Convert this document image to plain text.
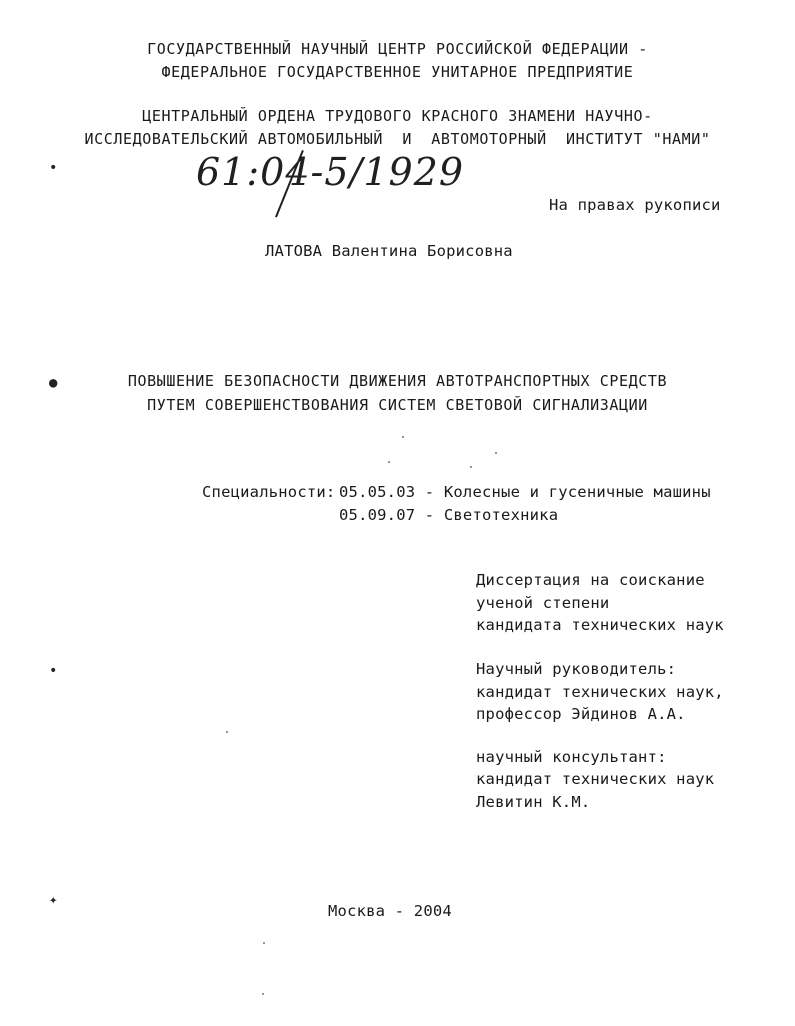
ГОСУДАРСТВЕННЫЙ НАУЧНЫЙ ЦЕНТР РОССИЙСКОЙ ФЕДЕРАЦИИ -
ФЕДЕРАЛЬНОЕ ГОСУДАРСТВЕННОЕ УНИТАРНОЕ ПРЕДПРИЯТИЕ
ЦЕНТРАЛЬНЫЙ ОРДЕНА ТРУДОВОГО КРАСНОГО ЗНАМЕНИ НАУЧНО-
ИССЛЕДОВАТЕЛЬСКИЙ АВТОМОБИЛЬНЫЙ  И  АВТОМОТОРНЫЙ  ИНСТИТУТ "НАМИ"
61:04-5/1929
На правах рукописи
ЛАТОВА Валентина Борисовна
ПОВЫШЕНИЕ БЕЗОПАСНОСТИ ДВИЖЕНИЯ АВТОТРАНСПОРТНЫХ СРЕДСТВ
ПУТЕМ СОВЕРШЕНСТВОВАНИЯ СИСТЕМ СВЕТОВОЙ СИГНАЛИЗАЦИИ
Специальности: 05.05.03 - Колесные и гусеничные машины
05.09.07 - Светотехника
Диссертация на соискание
ученой степени
кандидата технических наук
Научный руководитель:
кандидат технических наук,
профессор Эйдинов А.А.
научный консультант:
кандидат технических наук
Левитин К.М.
Москва - 2004
•
●
•
✦
